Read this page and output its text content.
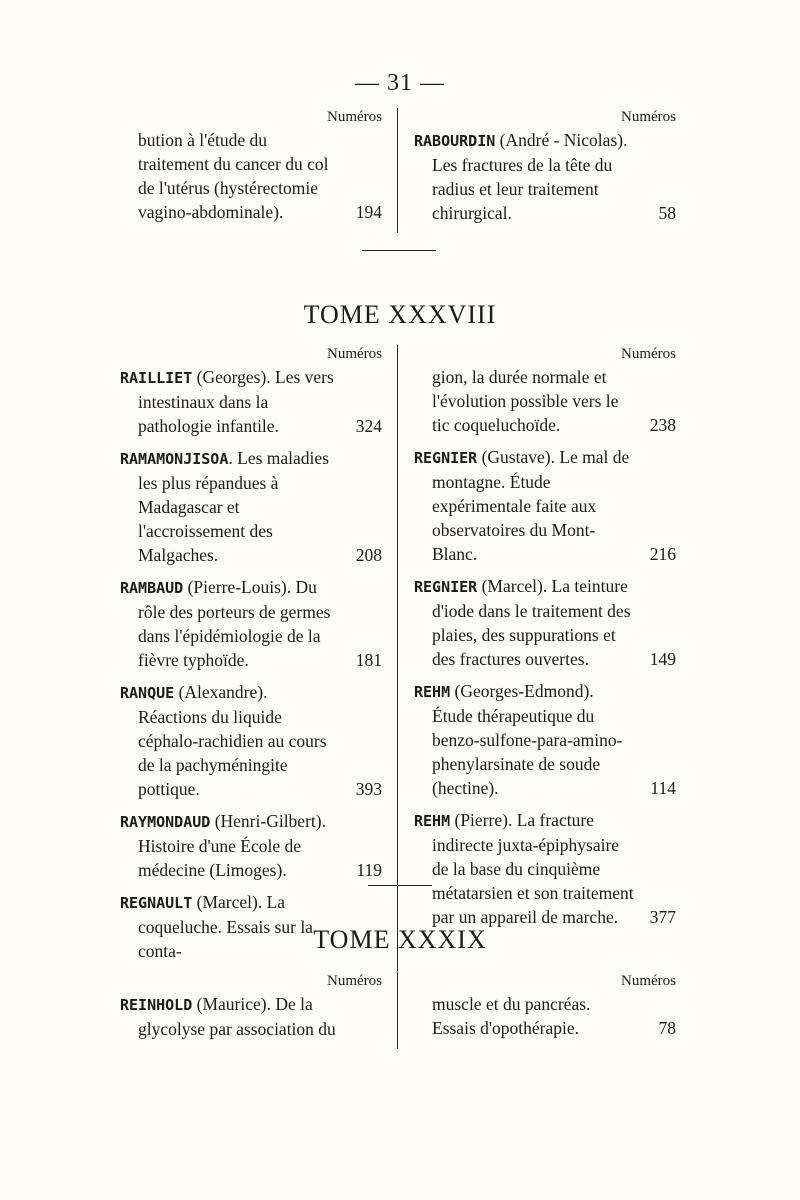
— 31 —
Numéros
bution à l'étude du traitement du cancer du col de l'utérus (hystérectomie vagino-abdominale).	194
Numéros
RABOURDIN (André - Nicolas). Les fractures de la tête du radius et leur traitement chirurgical.	58
TOME XXXVIII
Numéros
RAILLIET (Georges). Les vers intestinaux dans la pathologie infantile.	324
RAMAMONJISOA. Les maladies les plus répandues à Madagascar et l'accroissement des Malgaches.	208
RAMBAUD (Pierre-Louis). Du rôle des porteurs de germes dans l'épidémiologie de la fièvre typhoïde.	181
RANQUE (Alexandre). Réactions du liquide céphalo-rachidien au cours de la pachyméningite pottique.	393
RAYMONDAUD (Henri-Gilbert). Histoire d'une École de médecine (Limoges).	119
REGNAULT (Marcel). La coqueluche. Essais sur la conta-
Numéros
gion, la durée normale et l'évolution possible vers le tic coqueluchoïde.	238
REGNIER (Gustave). Le mal de montagne. Étude expérimentale faite aux observatoires du Mont-Blanc.	216
REGNIER (Marcel). La teinture d'iode dans le traitement des plaies, des suppurations et des fractures ouvertes.	149
REHM (Georges-Edmond). Étude thérapeutique du benzo-sulfone-para-amino-phenylarsinate de soude (hectine).	114
REHM (Pierre). La fracture indirecte juxta-épiphysaire de la base du cinquième métatarsien et son traitement par un appareil de marche. 377
TOME XXXIX
Numéros
REINHOLD (Maurice). De la glycolyse par association du
Numéros
muscle et du pancréas. Essais d'opothérapie.	78
